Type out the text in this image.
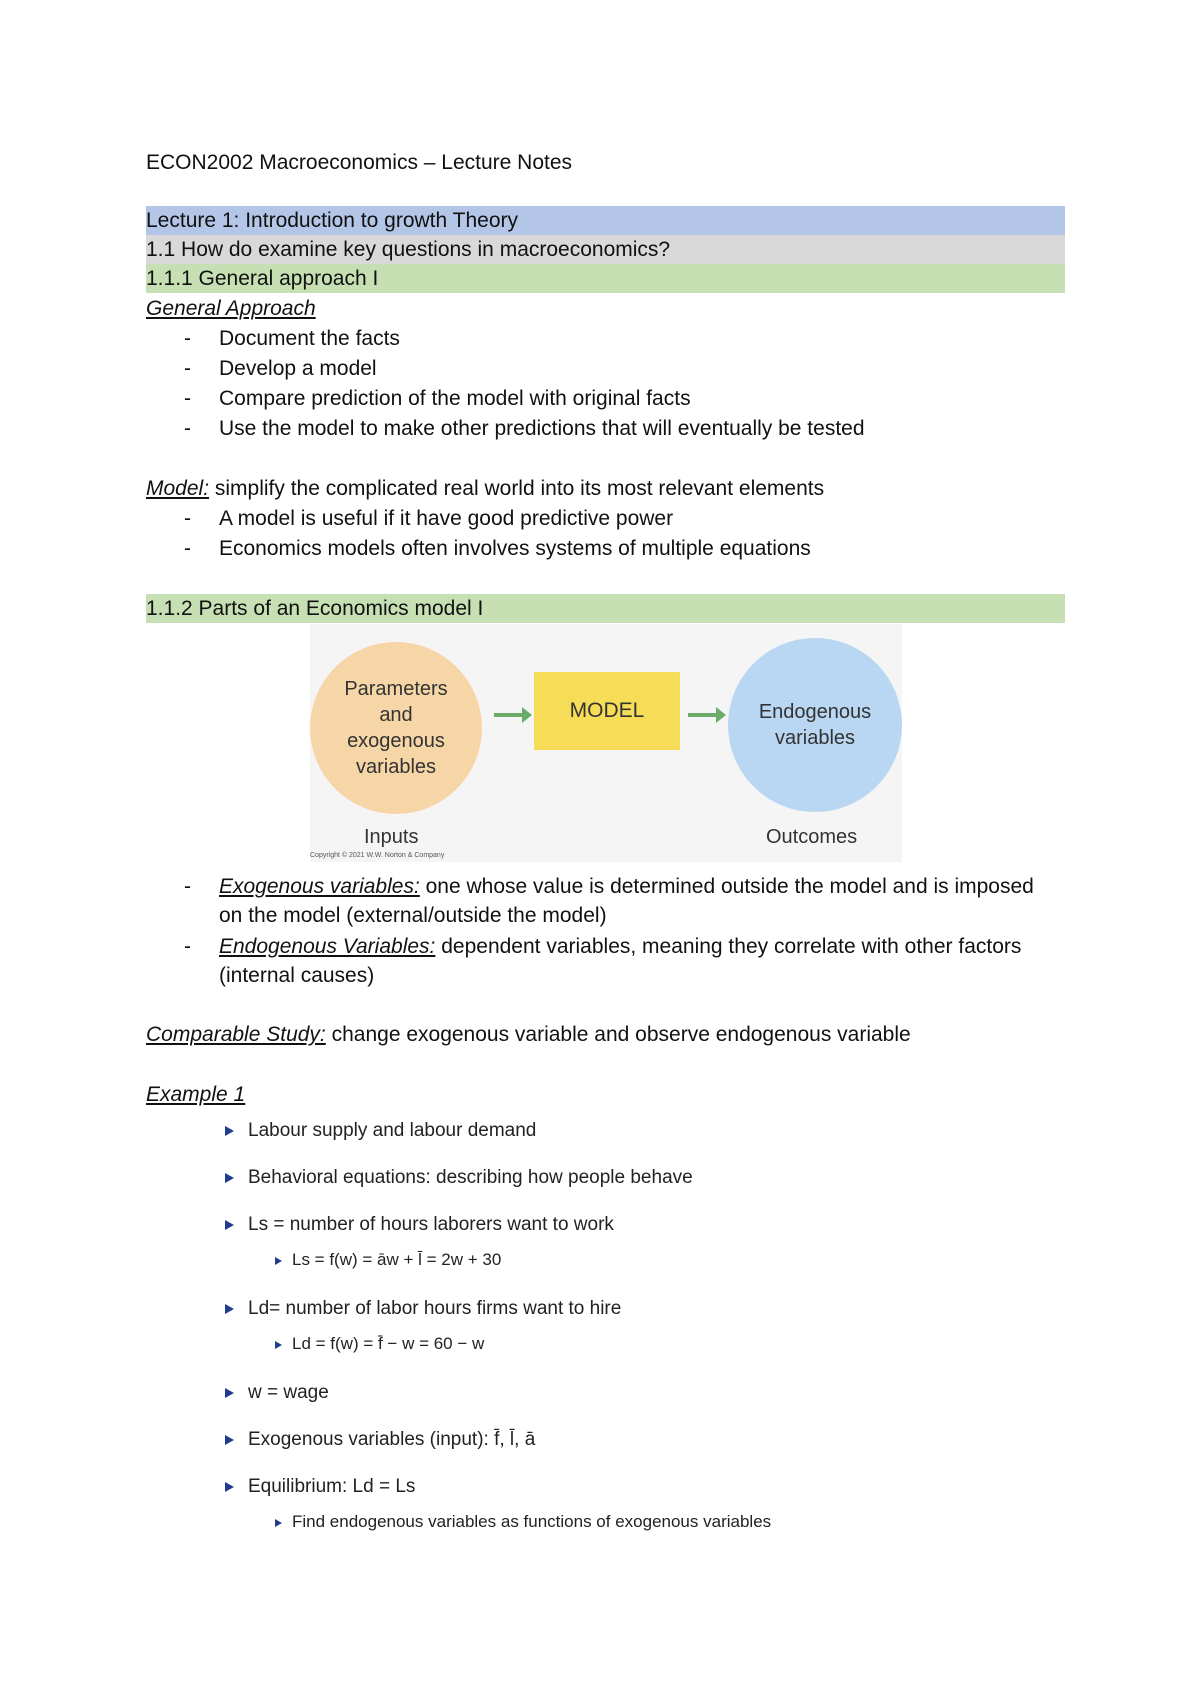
ECON2002 Macroeconomics – Lecture Notes
Lecture 1: Introduction to growth Theory
1.1 How do examine key questions in macroeconomics?
1.1.1 General approach I
General Approach
- Document the facts
- Develop a model
- Compare prediction of the model with original facts
- Use the model to make other predictions that will eventually be tested
Model: simplify the complicated real world into its most relevant elements
- A model is useful if it have good predictive power
- Economics models often involves systems of multiple equations
1.1.2 Parts of an Economics model I
Parameters and exogenous variables
MODEL	Endogenous variables
Inputs	Outcomes
Copyright © 2021 W.W. Norton & Company
- Exogenous variables: one whose value is determined outside the model and is imposed on the model (external/outside the model)
- Endogenous Variables: dependent variables, meaning they correlate with other factors (internal causes)
Comparable Study: change exogenous variable and observe endogenous variable
Example 1
Labour supply and labour demand
Behavioral equations: describing how people behave
Ls = number of hours laborers want to work
Ls = f(w) = āw + l̄ = 2w + 30
Ld= number of labor hours firms want to hire
Ld = f(w) = f̄ − w = 60 − w
w = wage
Exogenous variables (input): f̄, l̄, ā
Equilibrium: Ld = Ls
Find endogenous variables as functions of exogenous variables
